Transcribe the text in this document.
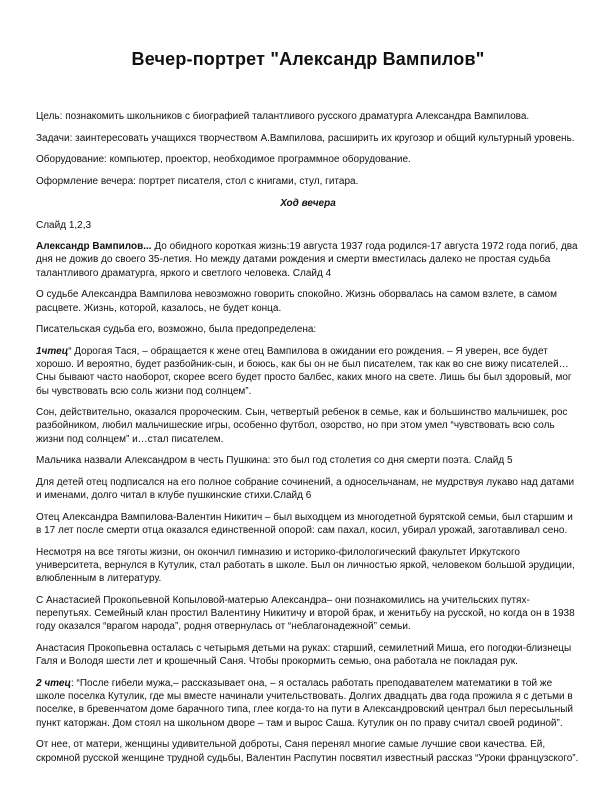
Вечер-портрет "Александр Вампилов"

Цель: познакомить школьников с биографией талантливого русского драматурга Александра Вампилова.

Задачи: заинтересовать учащихся творчеством А.Вампилова, расширить их кругозор и общий культурный уровень.

Оборудование: компьютер, проектор, необходимое программное оборудование.

Оформление вечера: портрет писателя, стол с книгами, стул, гитара.

Ход вечера

Слайд 1,2,3

Александр Вампилов... До обидного короткая жизнь:19 августа 1937 года родился-17 августа 1972 года погиб, два дня не дожив до своего 35-летия. Но между датами рождения и смерти вместилась далеко не простая судьба талантливого драматурга, яркого и светлого человека. Слайд 4

О судьбе Александра Вампилова невозможно говорить спокойно. Жизнь оборвалась на самом взлете, в самом расцвете. Жизнь, которой, казалось, не будет конца.

Писательская судьба его, возможно, была предопределена:

1чтец“ Дорогая Тася, – обращается к жене отец Вампилова в ожидании его рождения. – Я уверен, все будет хорошо. И вероятно, будет разбойник-сын, и боюсь, как бы он не был писателем, так как во сне вижу писателей…Сны бывают часто наоборот, скорее всего будет просто балбес, каких много на свете. Лишь бы был здоровый, мог бы чувствовать всю соль жизни под солнцем”.

Сон, действительно, оказался пророческим. Сын, четвертый ребенок в семье, как и большинство мальчишек, рос разбойником, любил мальчишеские игры, особенно футбол, озорство, но при этом умел “чувствовать всю соль жизни под солнцем” и…стал писателем.

Мальчика назвали Александром в честь Пушкина: это был год столетия со дня смерти поэта. Слайд 5

Для детей отец подписался на его полное собрание сочинений, а односельчанам, не мудрствуя лукаво над датами и именами, долго читал в клубе пушкинские стихи.Слайд 6

Отец Александра Вампилова-Валентин Никитич – был выходцем из многодетной бурятской семьи, был старшим и в 17 лет после смерти отца оказался единственной опорой: сам пахал, косил, убирал урожай, заготавливал сено.

Несмотря на все тяготы жизни, он окончил гимназию и историко-филологический факультет Иркутского университета, вернулся в Кутулик, стал работать в школе. Был он личностью яркой, человеком большой эрудиции, влюбленным в литературу.

С Анастасией Прокопьевной Копыловой-матерью Александра– они познакомились на учительских путях-перепутьях. Семейный клан простил Валентину Никитичу и второй брак, и женитьбу на русской, но когда он в 1938 году оказался “врагом народа”, родня отвернулась от “неблагонадежной” семьи.

Анастасия Прокопьевна осталась с четырьмя детьми на руках: старший, семилетний Миша, его погодки-близнецы Галя и Володя шести лет и крошечный Саня. Чтобы прокормить семью, она работала не покладая рук.

2 чтец: “После гибели мужа,– рассказывает она, – я осталась работать преподавателем математики в той же школе поселка Кутулик, где мы вместе начинали учительствовать. Долгих двадцать два года прожила я с детьми в поселке, в бревенчатом доме барачного типа, глее когда-то на пути в Александровский централ был пересыльный пункт каторжан. Дом стоял на школьном дворе – там и вырос Саша. Кутулик он по праву считал своей родиной”.

От нее, от матери, женщины удивительной доброты, Саня перенял многие самые лучшие свои качества. Ей, скромной русской женщине трудной судьбы, Валентин Распутин посвятил известный рассказ “Уроки французского”.
